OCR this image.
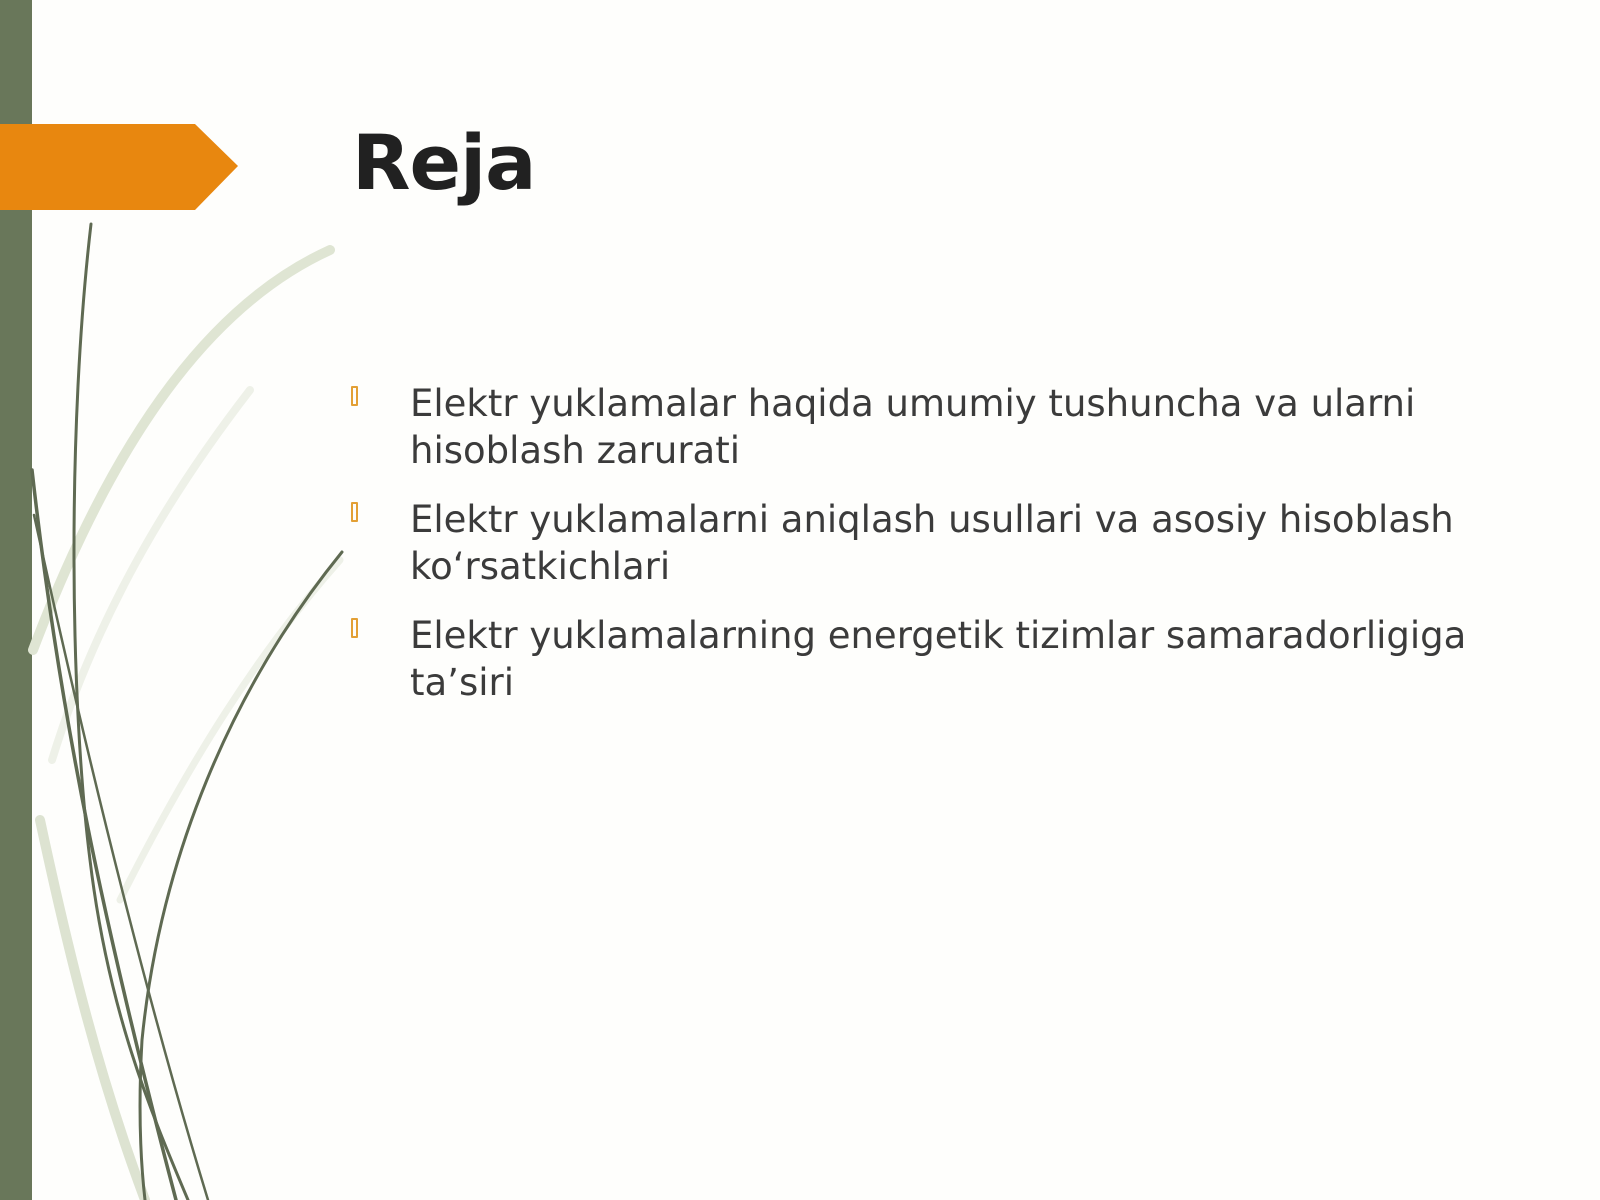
Reja
Elektr yuklamalar haqida umumiy tushuncha va ularni hisoblash zarurati
Elektr yuklamalarni aniqlash usullari va asosiy hisoblash ko‘rsatkichlari
Elektr yuklamalarning energetik tizimlar samaradorligiga ta’siri
